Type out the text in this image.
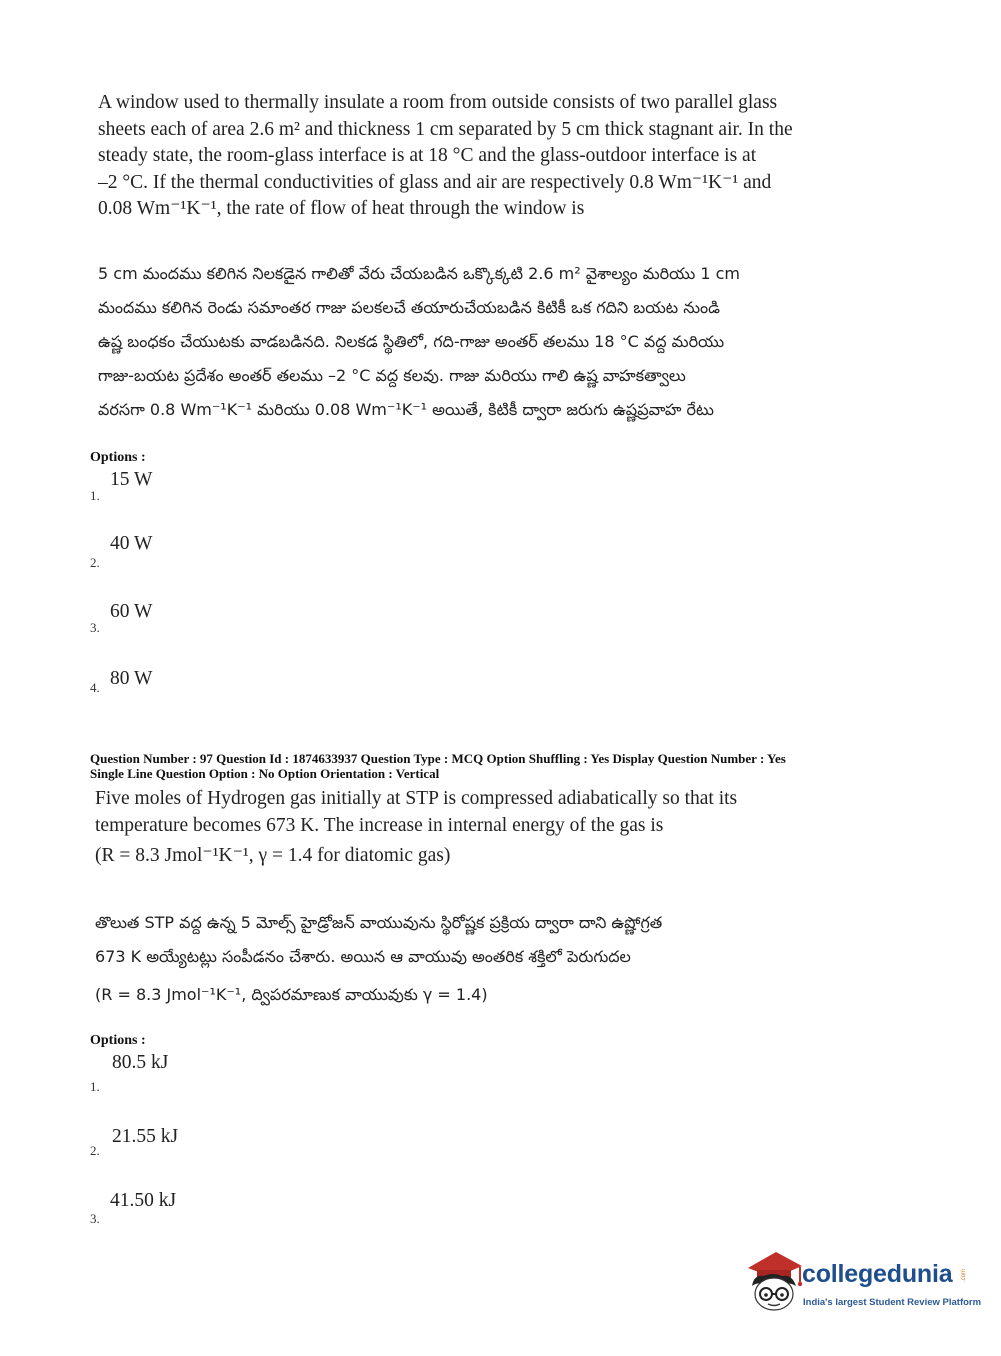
A window used to thermally insulate a room from outside consists of two parallel glass
sheets each of area 2.6 m² and thickness 1 cm separated by 5 cm thick stagnant air. In the
steady state, the room-glass interface is at 18 °C and the glass-outdoor interface is at
–2 °C. If the thermal conductivities of glass and air are respectively 0.8 Wm⁻¹K⁻¹ and
0.08 Wm⁻¹K⁻¹, the rate of flow of heat through the window is
5 cm మందము కలిగిన నిలకడైన గాలితో వేరు చేయబడిన ఒక్కొక్కటి 2.6 m² వైశాల్యం మరియు 1 cm
మందము కలిగిన రెండు సమాంతర గాజు పలకలచే తయారుచేయబడిన కిటికీ ఒక గదిని బయట నుండి
ఉష్ణ బంధకం చేయుటకు వాడబడినది. నిలకడ స్థితిలో, గది-గాజు అంతర్ తలము 18 °C వద్ద మరియు
గాజు-బయట ప్రదేశం అంతర్ తలము –2 °C వద్ద కలవు. గాజు మరియు గాలి ఉష్ణ వాహకత్వాలు
వరసగా 0.8 Wm⁻¹K⁻¹ మరియు 0.08 Wm⁻¹K⁻¹ అయితే, కిటికీ ద్వారా జరుగు ఉష్ణప్రవాహ రేటు
Options :
15 W
1.
40 W
2.
60 W
3.
80 W
4.
Question Number : 97 Question Id : 1874633937 Question Type : MCQ Option Shuffling : Yes Display Question Number : Yes
Single Line Question Option : No Option Orientation : Vertical
Five moles of Hydrogen gas initially at STP is compressed adiabatically so that its
temperature becomes 673 K. The increase in internal energy of the gas is
(R = 8.3 Jmol⁻¹K⁻¹, γ = 1.4 for diatomic gas)
తొలుత STP వద్ద ఉన్న 5 మోల్స్ హైడ్రోజన్ వాయువును స్థిరోష్ణక ప్రక్రియ ద్వారా దాని ఉష్ణోగ్రత
673 K అయ్యేటట్లు సంపీడనం చేశారు. అయిన ఆ వాయువు అంతరిక శక్తిలో పెరుగుదల
(R = 8.3 Jmol⁻¹K⁻¹, ద్విపరమాణుక వాయువుకు γ = 1.4)
Options :
80.5 kJ
1.
21.55 kJ
2.
41.50 kJ
3.
collegedunia .com
India's largest Student Review Platform
